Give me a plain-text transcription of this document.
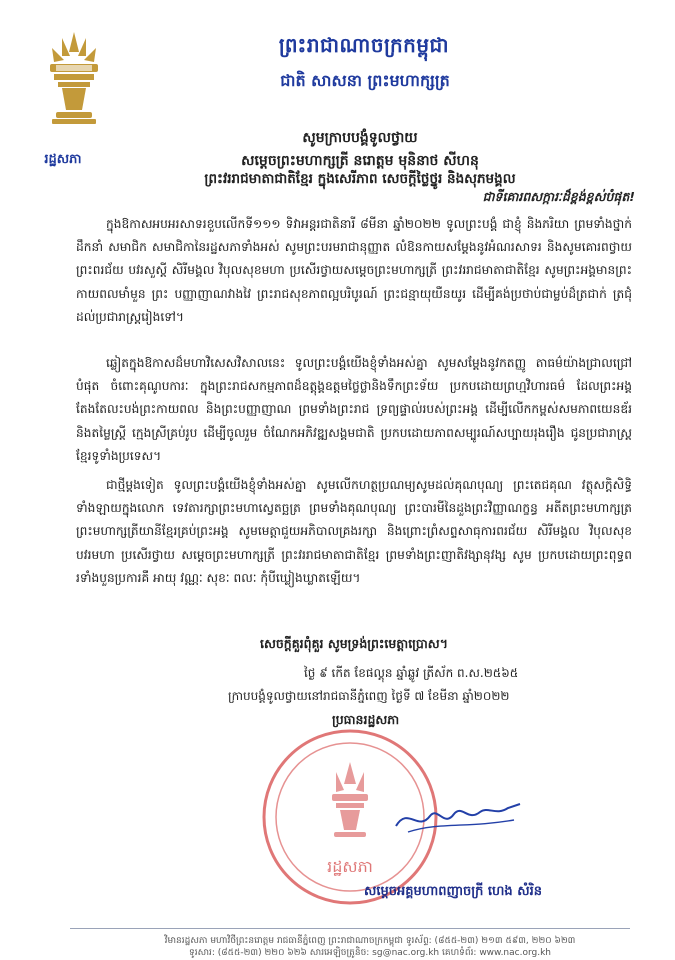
ព្រះរាជាណាចក្រកម្ពុជា
ជាតិ សាសនា ព្រះមហាក្សត្រ
រដ្ឋសភា
សូមក្រាបបង្គំទូលថ្វាយ
សម្ដេចព្រះមហាក្សត្រី នរោត្តម មុនិនាថ សីហនុ
ព្រះវររាជមាតាជាតិខ្មែរ ក្នុងសេរីភាព សេចក្ដីថ្លៃថ្នូរ និងសុភមង្គល
ជាទីគោរពសក្ការៈដ៏ខ្ពង់ខ្ពស់បំផុត!
ក្នុងឱកាសអបអរសាទរខួបលើកទី១១១ ទិវាអន្តរជាតិនារី ៨មីនា ឆ្នាំ២០២២ ទូលព្រះបង្គំ ជាខ្ញុំ និងភរិយា ព្រមទាំងថ្នាក់ដឹកនាំ សមាជិក សមាជិកានៃរដ្ឋសភាទាំងអស់ សូមព្រះបរមរាជានុញ្ញាត លំឱនកាយសម្ដែងនូវអំណរសាទរ និងសូមគោរពថ្វាយព្រះពរជ័យ បវរសួស្ដី សិរីមង្គល វិបុលសុខមហា ប្រសើរថ្វាយសម្ដេចព្រះមហាក្សត្រី ព្រះវររាជមាតាជាតិខ្មែរ សូមព្រះអង្គមានព្រះកាយពលមាំមួន ព្រះ បញ្ញាញាណវាងវៃ ព្រះរាជសុខភាពល្អបរិបូរណ៍ ព្រះជន្មាយុយឺនយូរ ដើម្បីគង់ប្រថាប់ជាម្លប់ដ៏ត្រជាក់ ត្រជុំដល់ប្រជារាស្ត្ររៀងទៅ។
ឆ្លៀតក្នុងឱកាសដ៏មហាវិសេសវិសាលនេះ ទូលព្រះបង្គំយើងខ្ញុំទាំងអស់គ្នា សូមសម្ដែងនូវកតញ្ញូ តាធម៌យ៉ាងជ្រាលជ្រៅបំផុត ចំពោះគុណូបការៈ ក្នុងព្រះរាជសកម្មភាពដ៏ឧត្ដុង្គឧត្ដមថ្លៃថ្លានិងទឹកព្រះទ័យ ប្រកបដោយព្រហ្មវិហារធម៌ ដែលព្រះអង្គតែងតែលះបង់ព្រះកាយពល និងព្រះបញ្ញាញាណ ព្រមទាំងព្រះរាជ ទ្រព្យផ្ទាល់របស់ព្រះអង្គ ដើម្បីលើកកម្ពស់សមភាពយេនឌ័រ និងតម្លៃស្ត្រី ក្មេងស្រីគ្រប់រូប ដើម្បីចូលរួម ចំណែកអភិវឌ្ឍសង្គមជាតិ ប្រកបដោយភាពសម្បូរណ៍សប្បាយរុងរឿង ជូនប្រជារាស្ត្រខ្មែរទូទាំងប្រទេស។
ជាថ្មីម្ដងទៀត ទូលព្រះបង្គំយើងខ្ញុំទាំងអស់គ្នា សូមលើកហត្ថប្រណម្យសូមដល់គុណបុណ្យ ព្រះតេជគុណ វត្ថុសក្តិសិទ្ធិទាំងឡាយក្នុងលោក ទេវតារក្សាព្រះមហាស្វេតច្ឆត្រ ព្រមទាំងគុណបុណ្យ ព្រះបារមីនៃដួងព្រះវិញ្ញាណក្ខន្ធ អតីតព្រះមហាក្សត្រ ព្រះមហាក្សត្រីយានីខ្មែរគ្រប់ព្រះអង្គ សូមមេត្តាជួយអភិបាលគ្រងរក្សា និងព្រោះព្រំសព្ទសាធុការពរជ័យ សិរីមង្គល វិបុលសុខ បវរមហា ប្រសើរថ្វាយ សម្ដេចព្រះមហាក្សត្រី ព្រះវររាជមាតាជាតិខ្មែរ ព្រមទាំងព្រះញាតិវង្សានុវង្ស សូម ប្រកបដោយព្រះពុទ្ធពរទាំងបួនប្រការគឺ អាយុ វណ្ណៈ សុខៈ ពលៈ កុំបីឃ្លៀងឃ្លាតឡើយ។
សេចក្ដីគួរពុំគួរ សូមទ្រង់ព្រះមេត្តាប្រោស។
ថ្ងៃ ៩ កើត ខែផល្គុន ឆ្នាំឆ្លូវ ត្រីស័ក ព.ស.២៥៦៥
ក្រាបបង្គំទូលថ្វាយនៅរាជធានីភ្នំពេញ ថ្ងៃទី ៧ ខែមីនា ឆ្នាំ២០២២
ប្រធានរដ្ឋសភា
រដ្ឋសភា
សម្ដេចអគ្គមហាពញាចក្រី ហេង សំរិន
វិមានរដ្ឋសភា មហាវិថីព្រះនរោត្តម រាជធានីភ្នំពេញ ព្រះរាជាណាចក្រកម្ពុជា ទូរស័ព្ទ: (៨៥៥-២៣) ២១៣ ៥៩៣, ២២០ ៦២៣
ទូរសារ: (៨៥៥-២៣) ២២០ ៦២៦ សារអេឡិចត្រូនិច: sg@nac.org.kh គេហទំព័រ: www.nac.org.kh
